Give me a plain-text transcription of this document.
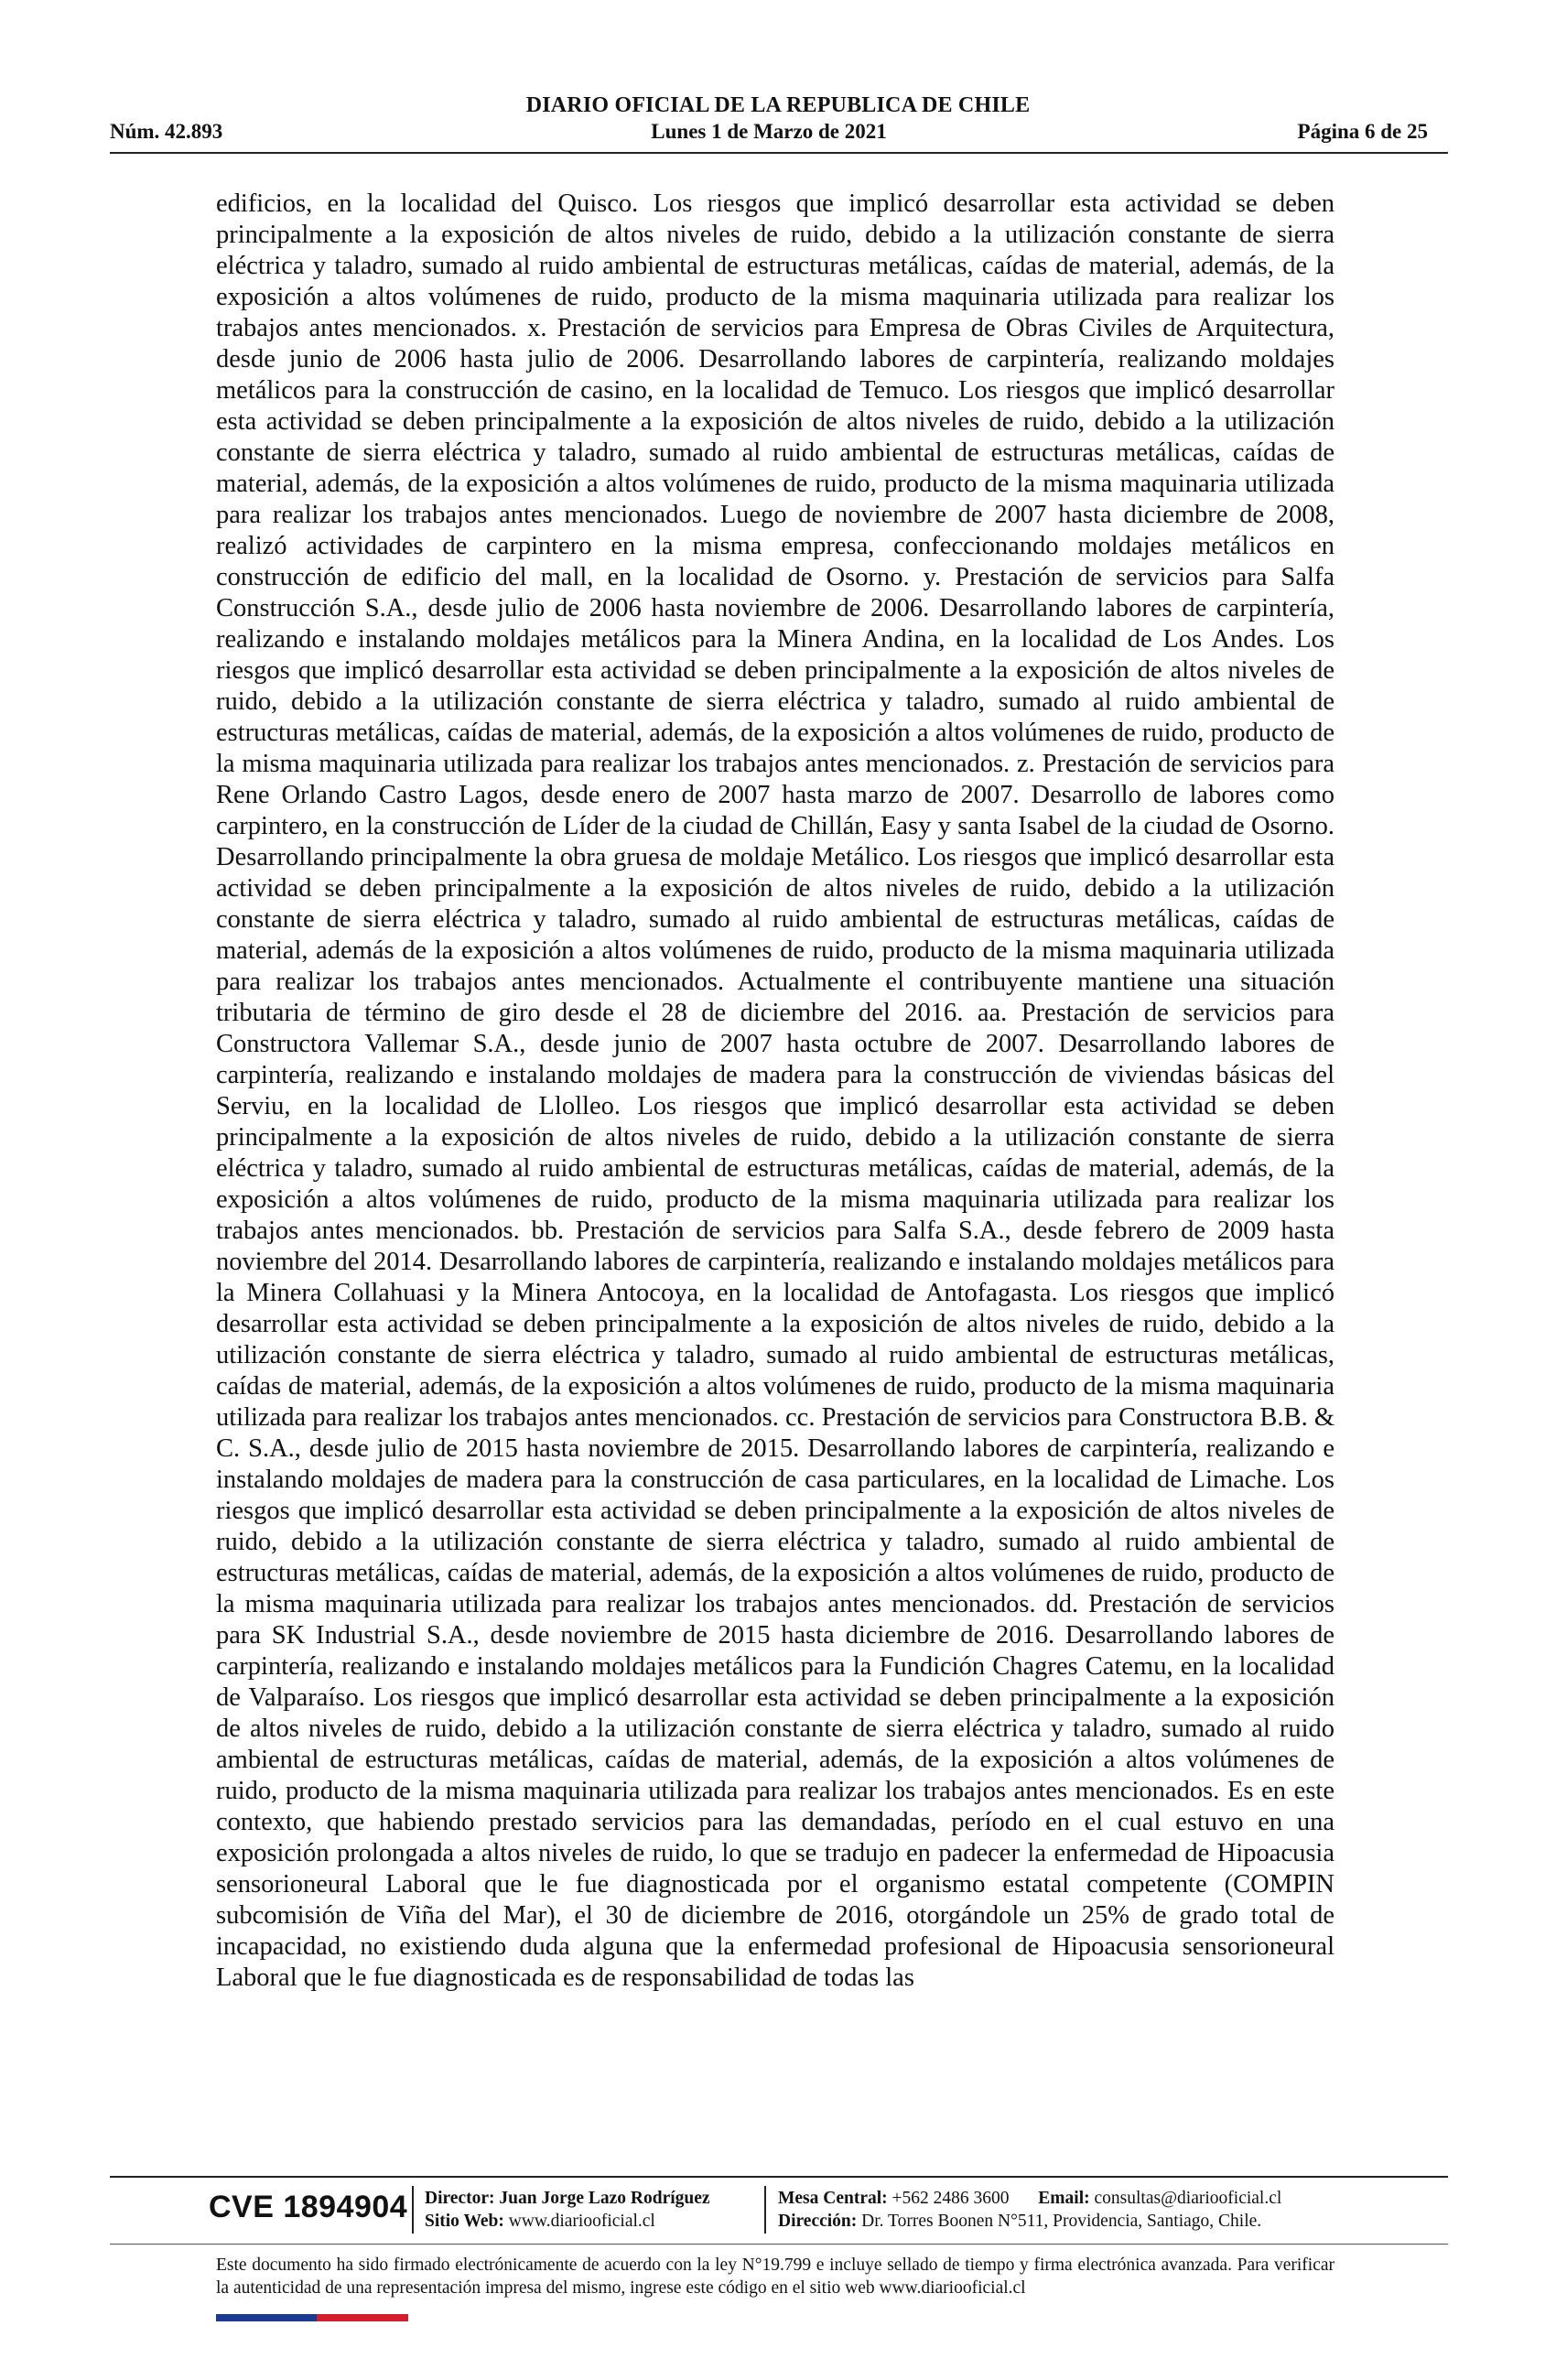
DIARIO OFICIAL DE LA REPUBLICA DE CHILE
Lunes 1 de Marzo de 2021
Núm. 42.893	Página 6 de 25

edificios, en la localidad del Quisco. Los riesgos que implicó desarrollar esta actividad se deben principalmente a la exposición de altos niveles de ruido, debido a la utilización constante de sierra eléctrica y taladro, sumado al ruido ambiental de estructuras metálicas, caídas de material, además, de la exposición a altos volúmenes de ruido, producto de la misma maquinaria utilizada para realizar los trabajos antes mencionados. x. Prestación de servicios para Empresa de Obras Civiles de Arquitectura, desde junio de 2006 hasta julio de 2006. Desarrollando labores de carpintería, realizando moldajes metálicos para la construcción de casino, en la localidad de Temuco. Los riesgos que implicó desarrollar esta actividad se deben principalmente a la exposición de altos niveles de ruido, debido a la utilización constante de sierra eléctrica y taladro, sumado al ruido ambiental de estructuras metálicas, caídas de material, además, de la exposición a altos volúmenes de ruido, producto de la misma maquinaria utilizada para realizar los trabajos antes mencionados. Luego de noviembre de 2007 hasta diciembre de 2008, realizó actividades de carpintero en la misma empresa, confeccionando moldajes metálicos en construcción de edificio del mall, en la localidad de Osorno. y. Prestación de servicios para Salfa Construcción S.A., desde julio de 2006 hasta noviembre de 2006. Desarrollando labores de carpintería, realizando e instalando moldajes metálicos para la Minera Andina, en la localidad de Los Andes. Los riesgos que implicó desarrollar esta actividad se deben principalmente a la exposición de altos niveles de ruido, debido a la utilización constante de sierra eléctrica y taladro, sumado al ruido ambiental de estructuras metálicas, caídas de material, además, de la exposición a altos volúmenes de ruido, producto de la misma maquinaria utilizada para realizar los trabajos antes mencionados. z. Prestación de servicios para Rene Orlando Castro Lagos, desde enero de 2007 hasta marzo de 2007. Desarrollo de labores como carpintero, en la construcción de Líder de la ciudad de Chillán, Easy y santa Isabel de la ciudad de Osorno. Desarrollando principalmente la obra gruesa de moldaje Metálico. Los riesgos que implicó desarrollar esta actividad se deben principalmente a la exposición de altos niveles de ruido, debido a la utilización constante de sierra eléctrica y taladro, sumado al ruido ambiental de estructuras metálicas, caídas de material, además de la exposición a altos volúmenes de ruido, producto de la misma maquinaria utilizada para realizar los trabajos antes mencionados. Actualmente el contribuyente mantiene una situación tributaria de término de giro desde el 28 de diciembre del 2016. aa. Prestación de servicios para Constructora Vallemar S.A., desde junio de 2007 hasta octubre de 2007. Desarrollando labores de carpintería, realizando e instalando moldajes de madera para la construcción de viviendas básicas del Serviu, en la localidad de Llolleo. Los riesgos que implicó desarrollar esta actividad se deben principalmente a la exposición de altos niveles de ruido, debido a la utilización constante de sierra eléctrica y taladro, sumado al ruido ambiental de estructuras metálicas, caídas de material, además, de la exposición a altos volúmenes de ruido, producto de la misma maquinaria utilizada para realizar los trabajos antes mencionados. bb. Prestación de servicios para Salfa S.A., desde febrero de 2009 hasta noviembre del 2014. Desarrollando labores de carpintería, realizando e instalando moldajes metálicos para la Minera Collahuasi y la Minera Antocoya, en la localidad de Antofagasta. Los riesgos que implicó desarrollar esta actividad se deben principalmente a la exposición de altos niveles de ruido, debido a la utilización constante de sierra eléctrica y taladro, sumado al ruido ambiental de estructuras metálicas, caídas de material, además, de la exposición a altos volúmenes de ruido, producto de la misma maquinaria utilizada para realizar los trabajos antes mencionados. cc. Prestación de servicios para Constructora B.B. & C. S.A., desde julio de 2015 hasta noviembre de 2015. Desarrollando labores de carpintería, realizando e instalando moldajes de madera para la construcción de casa particulares, en la localidad de Limache. Los riesgos que implicó desarrollar esta actividad se deben principalmente a la exposición de altos niveles de ruido, debido a la utilización constante de sierra eléctrica y taladro, sumado al ruido ambiental de estructuras metálicas, caídas de material, además, de la exposición a altos volúmenes de ruido, producto de la misma maquinaria utilizada para realizar los trabajos antes mencionados. dd. Prestación de servicios para SK Industrial S.A., desde noviembre de 2015 hasta diciembre de 2016. Desarrollando labores de carpintería, realizando e instalando moldajes metálicos para la Fundición Chagres Catemu, en la localidad de Valparaíso. Los riesgos que implicó desarrollar esta actividad se deben principalmente a la exposición de altos niveles de ruido, debido a la utilización constante de sierra eléctrica y taladro, sumado al ruido ambiental de estructuras metálicas, caídas de material, además, de la exposición a altos volúmenes de ruido, producto de la misma maquinaria utilizada para realizar los trabajos antes mencionados. Es en este contexto, que habiendo prestado servicios para las demandadas, período en el cual estuvo en una exposición prolongada a altos niveles de ruido, lo que se tradujo en padecer la enfermedad de Hipoacusia sensorioneural Laboral que le fue diagnosticada por el organismo estatal competente (COMPIN subcomisión de Viña del Mar), el 30 de diciembre de 2016, otorgándole un 25% de grado total de incapacidad, no existiendo duda alguna que la enfermedad profesional de Hipoacusia sensorioneural Laboral que le fue diagnosticada es de responsabilidad de todas las

CVE 1894904 Director: Juan Jorge Lazo Rodríguez
Sitio Web: www.diariooficial.cl
Mesa Central: +562 2486 3600 Email: consultas@diariooficial.cl
Dirección: Dr. Torres Boonen N°511, Providencia, Santiago, Chile.
Este documento ha sido firmado electrónicamente de acuerdo con la ley N°19.799 e incluye sellado de tiempo y firma electrónica avanzada. Para verificar la autenticidad de una representación impresa del mismo, ingrese este código en el sitio web www.diariooficial.cl
